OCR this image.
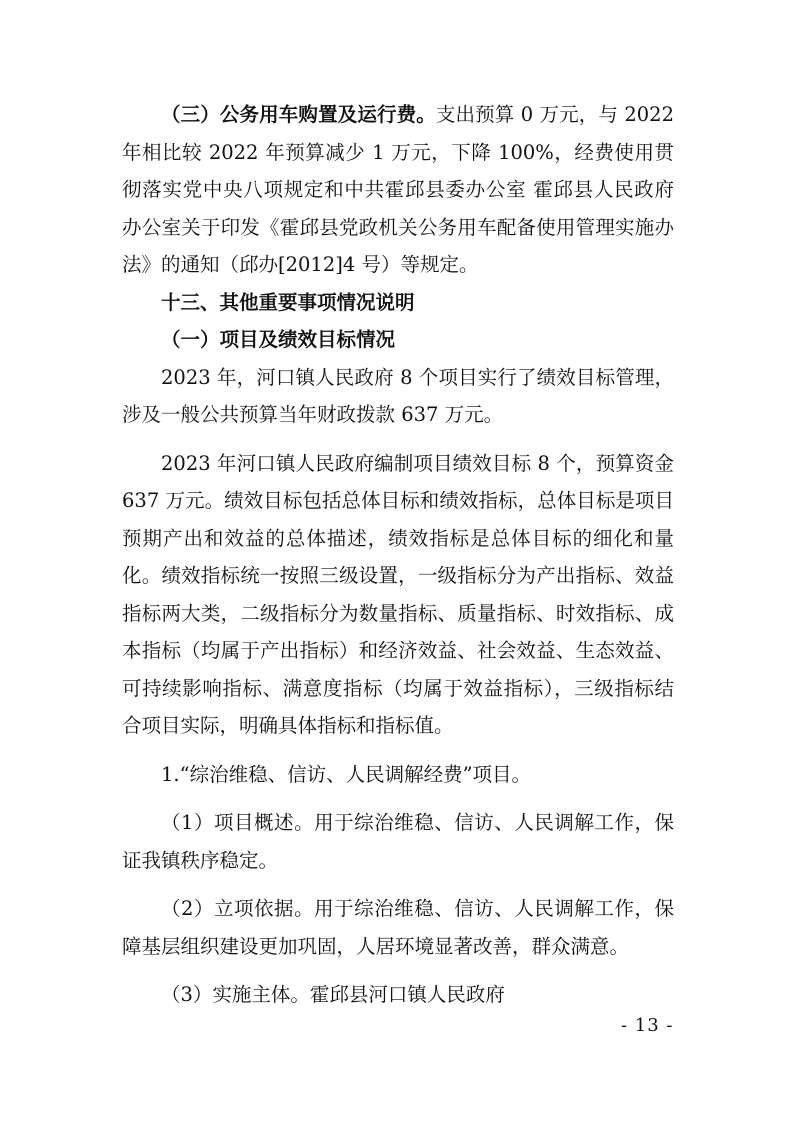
（三）公务用车购置及运行费。支出预算 0 万元，与 2022 年相比较 2022 年预算减少 1 万元，下降 100%，经费使用贯彻落实党中央八项规定和中共霍邱县委办公室 霍邱县人民政府办公室关于印发《霍邱县党政机关公务用车配备使用管理实施办法》的通知（邱办[2012]4 号）等规定。

十三、其他重要事项情况说明

（一）项目及绩效目标情况

2023 年，河口镇人民政府 8 个项目实行了绩效目标管理，涉及一般公共预算当年财政拨款 637 万元。

2023 年河口镇人民政府编制项目绩效目标 8 个，预算资金 637 万元。绩效目标包括总体目标和绩效指标，总体目标是项目预期产出和效益的总体描述，绩效指标是总体目标的细化和量化。绩效指标统一按照三级设置，一级指标分为产出指标、效益指标两大类，二级指标分为数量指标、质量指标、时效指标、成本指标（均属于产出指标）和经济效益、社会效益、生态效益、可持续影响指标、满意度指标（均属于效益指标），三级指标结合项目实际，明确具体指标和指标值。

1.“综治维稳、信访、人民调解经费”项目。

（1）项目概述。用于综治维稳、信访、人民调解工作，保证我镇秩序稳定。

（2）立项依据。用于综治维稳、信访、人民调解工作，保障基层组织建设更加巩固，人居环境显著改善，群众满意。

（3）实施主体。霍邱县河口镇人民政府

- 13 -
